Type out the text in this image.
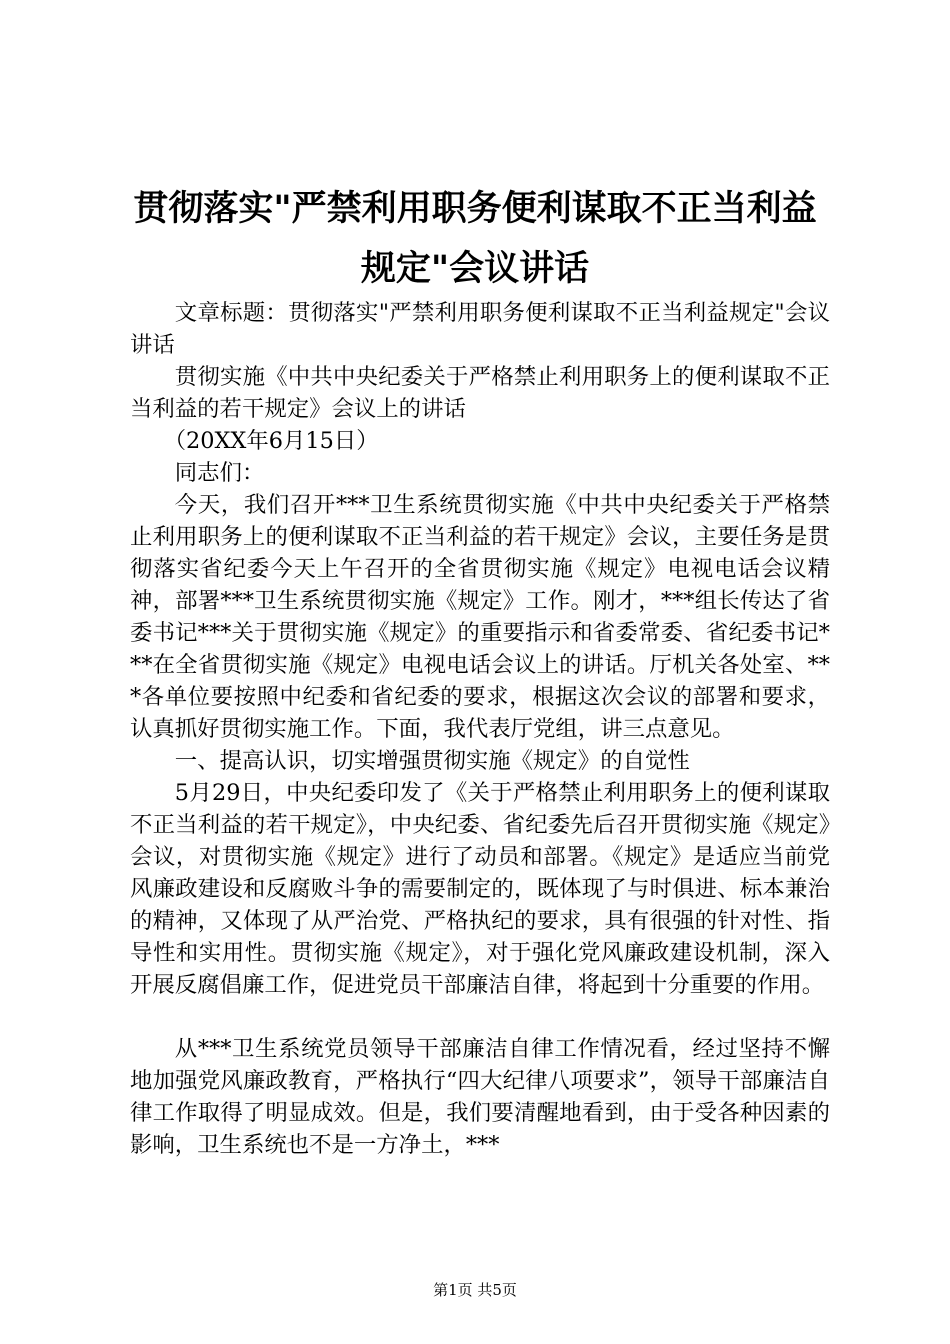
贯彻落实"严禁利用职务便利谋取不正当利益
规定"会议讲话

文章标题：贯彻落实"严禁利用职务便利谋取不正当利益规定"会议讲话

贯彻实施《中共中央纪委关于严格禁止利用职务上的便利谋取不正当利益的若干规定》会议上的讲话

（20XX年6月15日）

同志们：

今天，我们召开***卫生系统贯彻实施《中共中央纪委关于严格禁止利用职务上的便利谋取不正当利益的若干规定》会议，主要任务是贯彻落实省纪委今天上午召开的全省贯彻实施《规定》电视电话会议精神，部署***卫生系统贯彻实施《规定》工作。刚才，***组长传达了省委书记***关于贯彻实施《规定》的重要指示和省委常委、省纪委书记***在全省贯彻实施《规定》电视电话会议上的讲话。厅机关各处室、***各单位要按照中纪委和省纪委的要求，根据这次会议的部署和要求，认真抓好贯彻实施工作。下面，我代表厅党组，讲三点意见。

一、提高认识，切实增强贯彻实施《规定》的自觉性

5月29日，中央纪委印发了《关于严格禁止利用职务上的便利谋取不正当利益的若干规定》，中央纪委、省纪委先后召开贯彻实施《规定》会议，对贯彻实施《规定》进行了动员和部署。《规定》是适应当前党风廉政建设和反腐败斗争的需要制定的，既体现了与时俱进、标本兼治的精神，又体现了从严治党、严格执纪的要求，具有很强的针对性、指导性和实用性。贯彻实施《规定》，对于强化党风廉政建设机制，深入开展反腐倡廉工作，促进党员干部廉洁自律，将起到十分重要的作用。

从***卫生系统党员领导干部廉洁自律工作情况看，经过坚持不懈地加强党风廉政教育，严格执行“四大纪律八项要求”，领导干部廉洁自律工作取得了明显成效。但是，我们要清醒地看到，由于受各种因素的影响，卫生系统也不是一方净土，***

第1页 共5页
